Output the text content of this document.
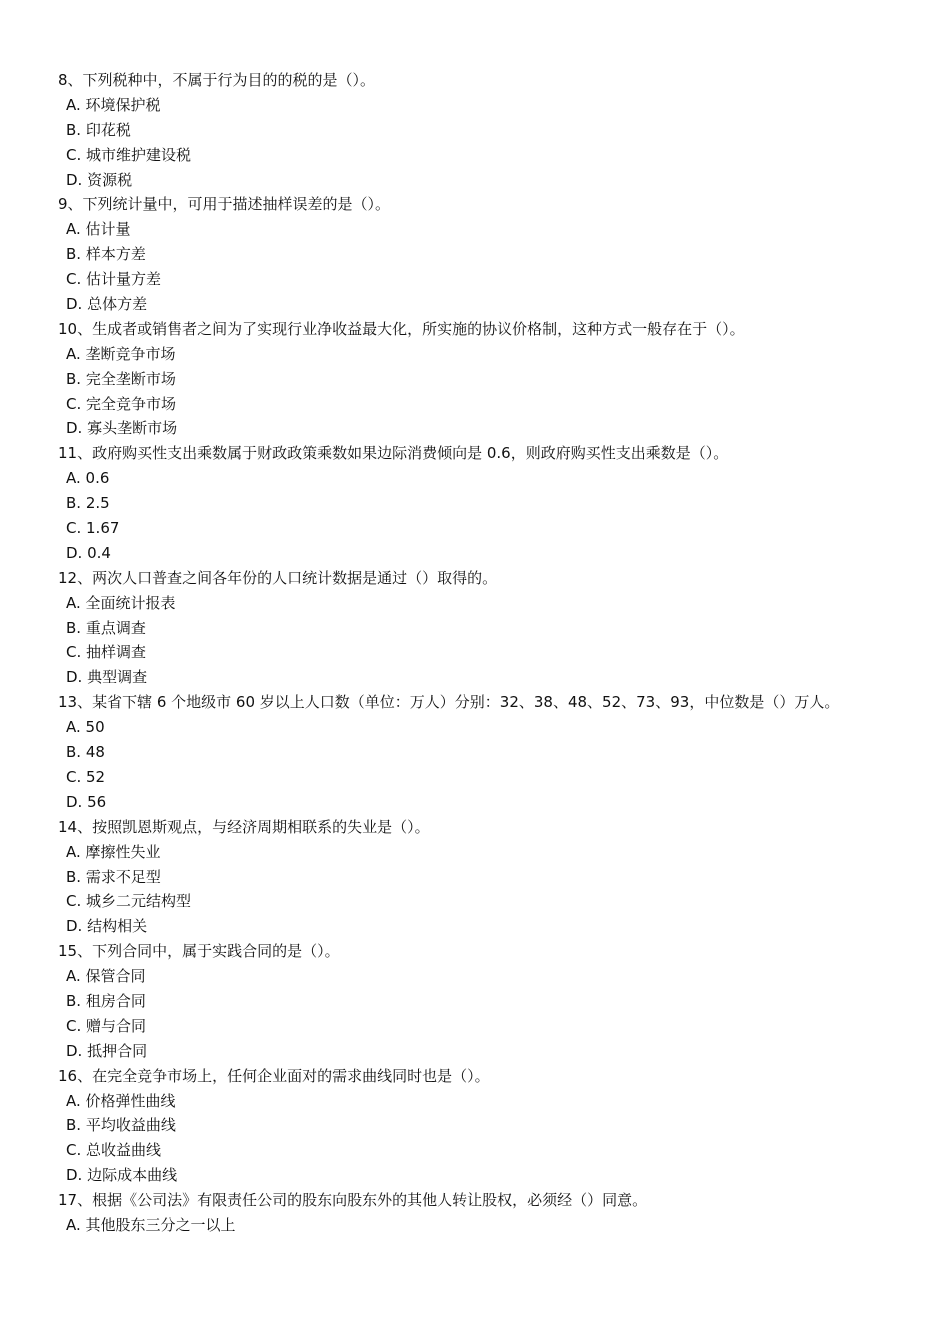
8、下列税种中，不属于行为目的的税的是（）。
A. 环境保护税
B. 印花税
C. 城市维护建设税
D. 资源税
9、下列统计量中，可用于描述抽样误差的是（）。
A. 估计量
B. 样本方差
C. 估计量方差
D. 总体方差
10、生成者或销售者之间为了实现行业净收益最大化，所实施的协议价格制，这种方式一般存在于（）。
A. 垄断竞争市场
B. 完全垄断市场
C. 完全竞争市场
D. 寡头垄断市场
11、政府购买性支出乘数属于财政政策乘数如果边际消费倾向是 0.6，则政府购买性支出乘数是（）。
A. 0.6
B. 2.5
C. 1.67
D. 0.4
12、两次人口普查之间各年份的人口统计数据是通过（）取得的。
A. 全面统计报表
B. 重点调查
C. 抽样调查
D. 典型调查
13、某省下辖 6 个地级市 60 岁以上人口数（单位：万人）分别：32、38、48、52、73、93，中位数是（）万人。
A. 50
B. 48
C. 52
D. 56
14、按照凯恩斯观点，与经济周期相联系的失业是（）。
A. 摩擦性失业
B. 需求不足型
C. 城乡二元结构型
D. 结构相关
15、下列合同中，属于实践合同的是（）。
A. 保管合同
B. 租房合同
C. 赠与合同
D. 抵押合同
16、在完全竞争市场上，任何企业面对的需求曲线同时也是（）。
A. 价格弹性曲线
B. 平均收益曲线
C. 总收益曲线
D. 边际成本曲线
17、根据《公司法》有限责任公司的股东向股东外的其他人转让股权，必须经（）同意。
A. 其他股东三分之一以上
